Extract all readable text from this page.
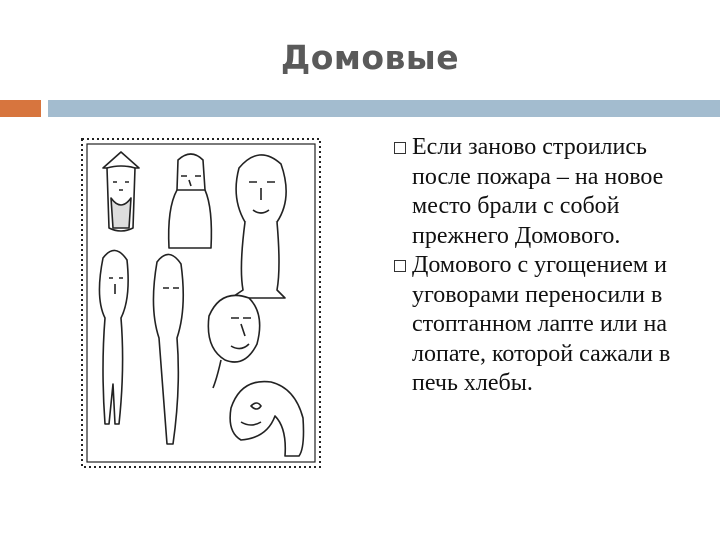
Домовые
Если заново строились после пожара – на новое место брали с собой прежнего Домового.
Домового с угощением и уговорами переносили в стоптанном лапте или на лопате, которой сажали в печь хлебы.
